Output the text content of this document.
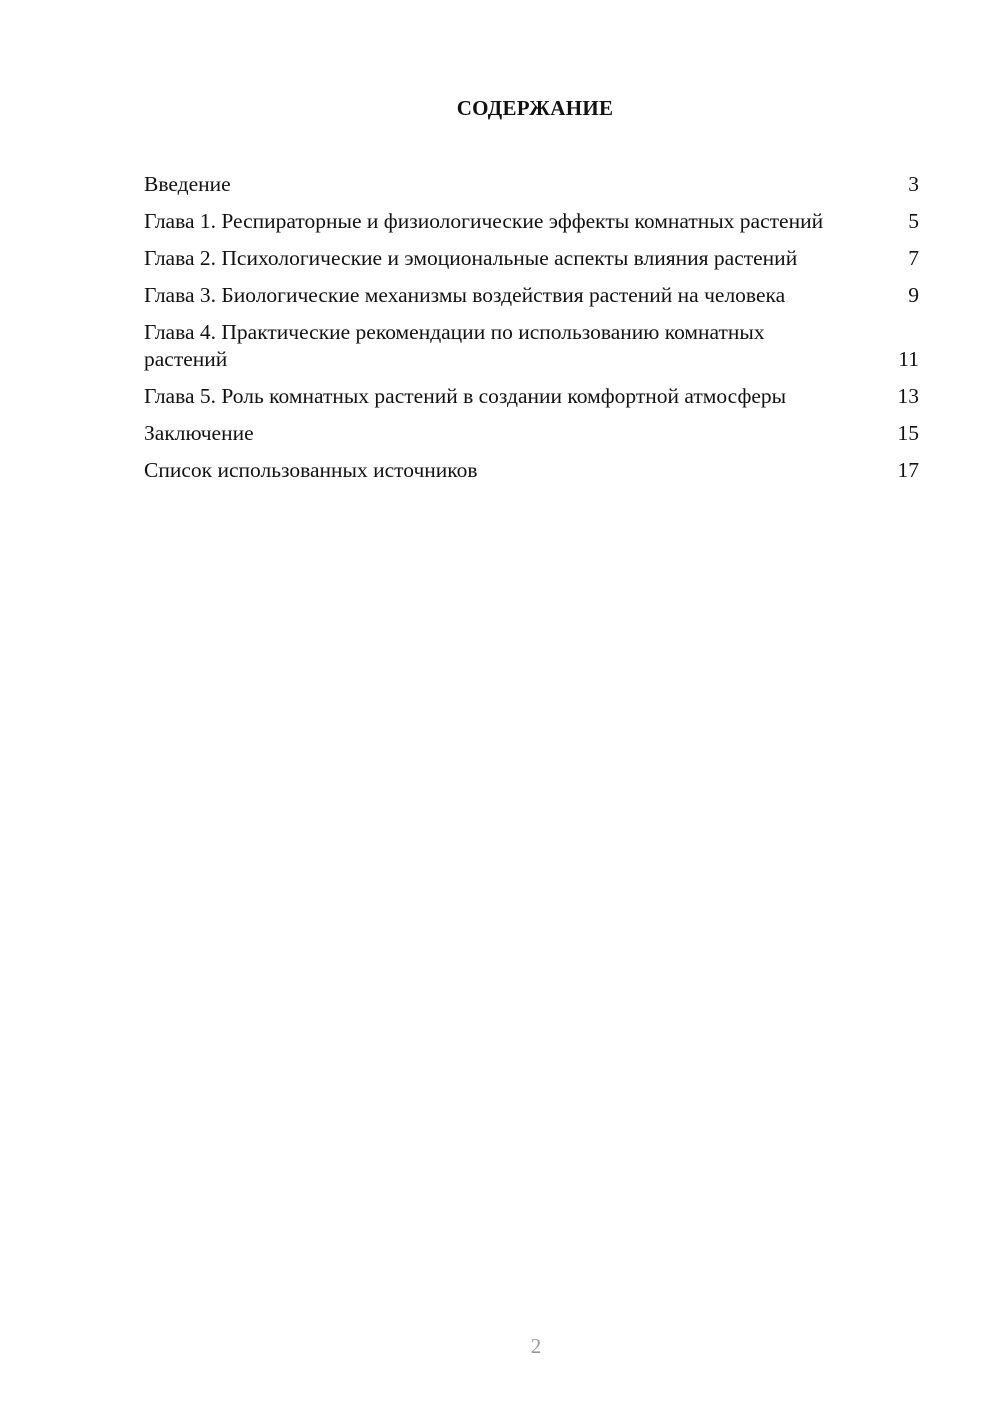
СОДЕРЖАНИЕ
Введение	3
Глава 1. Респираторные и физиологические эффекты комнатных растений	5
Глава 2. Психологические и эмоциональные аспекты влияния растений	7
Глава 3. Биологические механизмы воздействия растений на человека	9
Глава 4. Практические рекомендации по использованию комнатных растений	11
Глава 5. Роль комнатных растений в создании комфортной атмосферы	13
Заключение	15
Список использованных источников	17
2
